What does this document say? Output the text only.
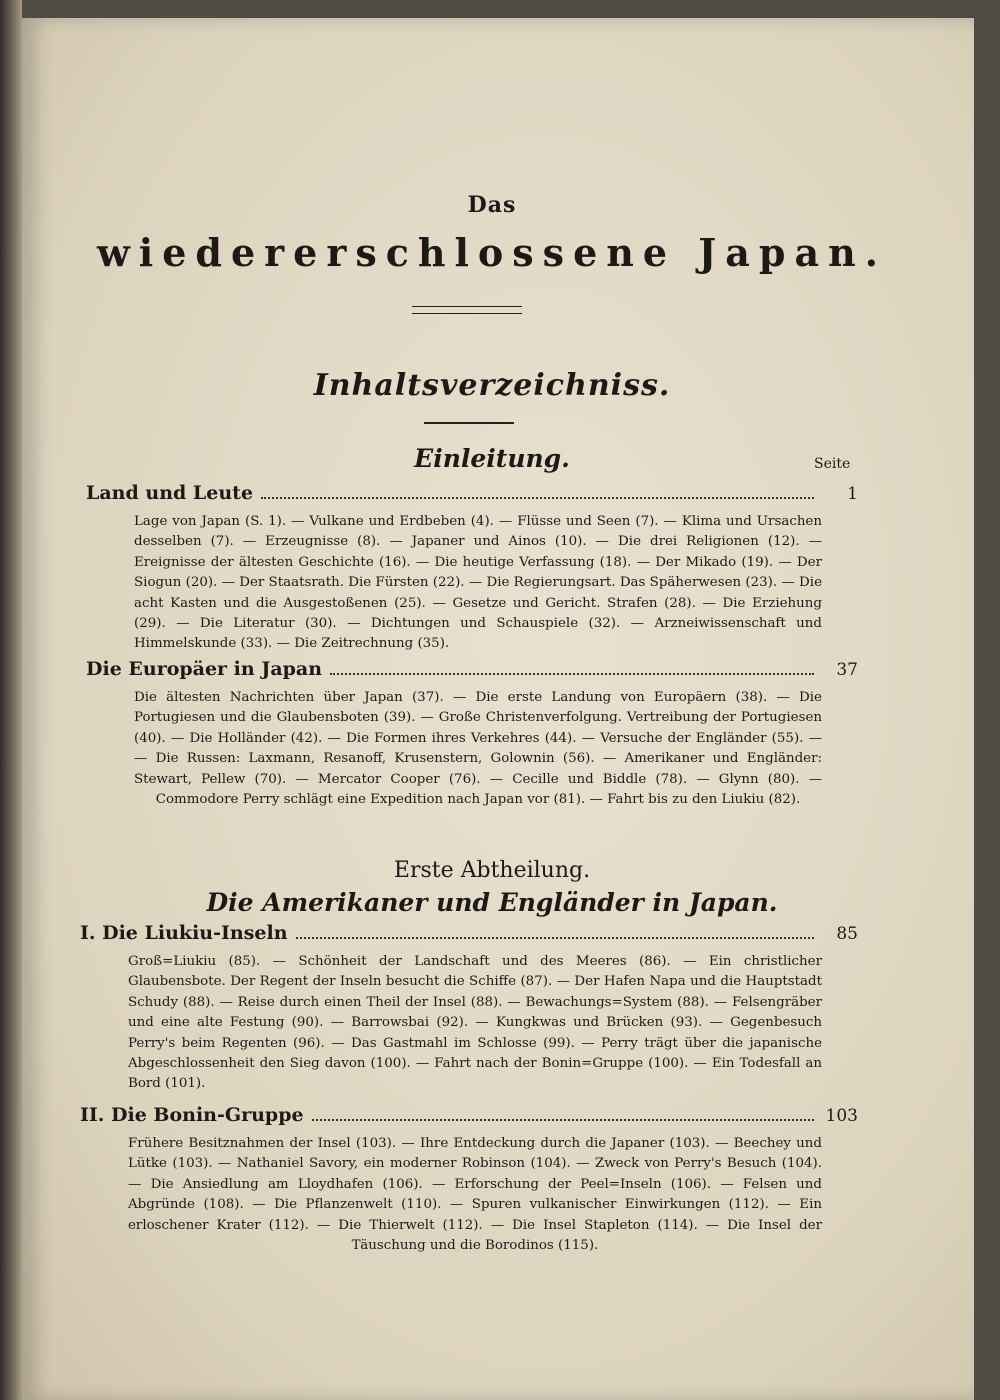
Das
wiedererschlossene Japan.
Inhaltsverzeichniss.
Einleitung.	Seite
Land und Leute	1
Lage von Japan (S. 1). — Vulkane und Erdbeben (4). — Flüsse und Seen (7). — Klima und Ursachen desselben (7). — Erzeugnisse (8). — Japaner und Ainos (10). — Die drei Religionen (12). — Ereignisse der ältesten Geschichte (16). — Die heutige Verfassung (18). — Der Mikado (19). — Der Siogun (20). — Der Staatsrath. Die Fürsten (22). — Die Regierungsart. Das Späherwesen (23). — Die acht Kasten und die Ausgestoßenen (25). — Gesetze und Gericht. Strafen (28). — Die Erziehung (29). — Die Literatur (30). — Dichtungen und Schauspiele (32). — Arzneiwissenschaft und Himmelskunde (33). — Die Zeitrechnung (35).
Die Europäer in Japan	37
Die ältesten Nachrichten über Japan (37). — Die erste Landung von Europäern (38). — Die Portugiesen und die Glaubensboten (39). — Große Christenverfolgung. Vertreibung der Portugiesen (40). — Die Holländer (42). — Die Formen ihres Verkehres (44). — Versuche der Engländer (55). — — Die Russen: Laxmann, Resanoff, Krusenstern, Golownin (56). — Amerikaner und Engländer: Stewart, Pellew (70). — Mercator Cooper (76). — Cecille und Biddle (78). — Glynn (80). — Commodore Perry schlägt eine Expedition nach Japan vor (81). — Fahrt bis zu den Liukiu (82).
Erste Abtheilung.
Die Amerikaner und Engländer in Japan.
I. Die Liukiu-Inseln	85
Groß=Liukiu (85). — Schönheit der Landschaft und des Meeres (86). — Ein christlicher Glaubensbote. Der Regent der Inseln besucht die Schiffe (87). — Der Hafen Napa und die Hauptstadt Schudy (88). — Reise durch einen Theil der Insel (88). — Bewachungs=System (88). — Felsengräber und eine alte Festung (90). — Barrowsbai (92). — Kungkwas und Brücken (93). — Gegenbesuch Perry's beim Regenten (96). — Das Gastmahl im Schlosse (99). — Perry trägt über die japanische Abgeschlossenheit den Sieg davon (100). — Fahrt nach der Bonin=Gruppe (100). — Ein Todesfall an Bord (101).
II. Die Bonin-Gruppe	103
Frühere Besitznahmen der Insel (103). — Ihre Entdeckung durch die Japaner (103). — Beechey und Lütke (103). — Nathaniel Savory, ein moderner Robinson (104). — Zweck von Perry's Besuch (104). — Die Ansiedlung am Lloydhafen (106). — Erforschung der Peel=Inseln (106). — Felsen und Abgründe (108). — Die Pflanzenwelt (110). — Spuren vulkanischer Einwirkungen (112). — Ein erloschener Krater (112). — Die Thierwelt (112). — Die Insel Stapleton (114). — Die Insel der Täuschung und die Borodinos (115).
